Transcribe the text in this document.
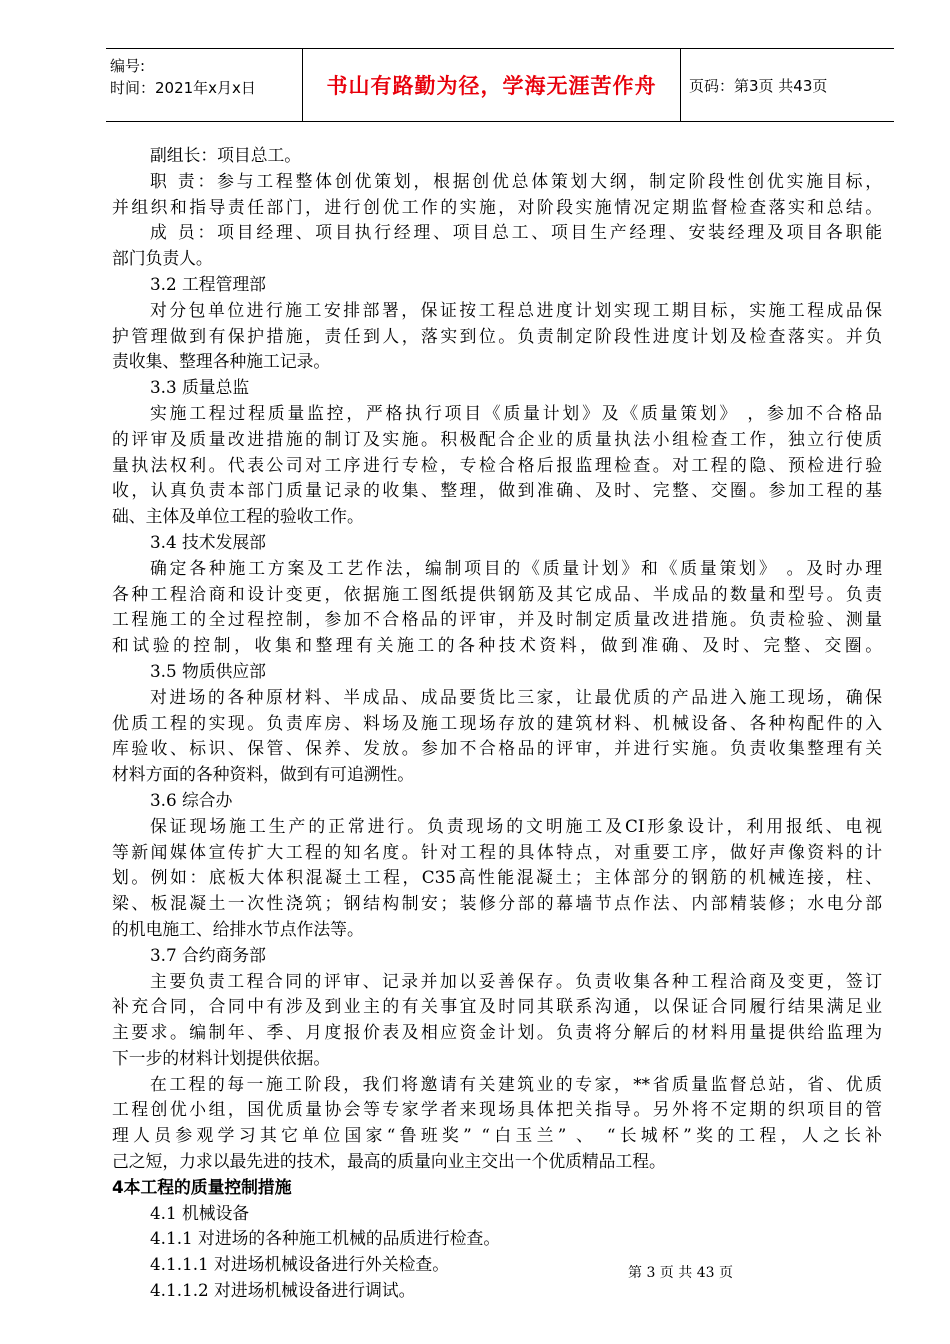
编号:
时间：2021年x月x日	书山有路勤为径，学海无涯苦作舟 页码：第3页 共43页

副组长：项目总工。

职 责：参与工程整体创优策划，根据创优总体策划大纲，制定阶段性创优实施目标，

并组织和指导责任部门，进行创优工作的实施，对阶段实施情况定期监督检查落实和总结。

成 员：项目经理、项目执行经理、项目总工、项目生产经理、安装经理及项目各职能

部门负责人。

3.2 工程管理部

对分包单位进行施工安排部署，保证按工程总进度计划实现工期目标，实施工程成品保

护管理做到有保护措施，责任到人，落实到位。负责制定阶段性进度计划及检查落实。并负

责收集、整理各种施工记录。

3.3 质量总监

实施工程过程质量监控，严格执行项目《质量计划》及《质量策划》 ，参加不合格品

的评审及质量改进措施的制订及实施。积极配合企业的质量执法小组检查工作，独立行使质

量执法权利。代表公司对工序进行专检，专检合格后报监理检查。对工程的隐、预检进行验

收，认真负责本部门质量记录的收集、整理，做到准确、及时、完整、交圈。参加工程的基

础、主体及单位工程的验收工作。

3.4 技术发展部

确定各种施工方案及工艺作法，编制项目的《质量计划》和《质量策划》 。及时办理

各种工程洽商和设计变更，依据施工图纸提供钢筋及其它成品、半成品的数量和型号。负责

工程施工的全过程控制，参加不合格品的评审，并及时制定质量改进措施。负责检验、测量

和试验的控制，收集和整理有关施工的各种技术资料，做到准确、及时、完整、交圈。

3.5 物质供应部

对进场的各种原材料、半成品、成品要货比三家，让最优质的产品进入施工现场，确保

优质工程的实现。负责库房、料场及施工现场存放的建筑材料、机械设备、各种构配件的入

库验收、标识、保管、保养、发放。参加不合格品的评审，并进行实施。负责收集整理有关

材料方面的各种资料，做到有可追溯性。

3.6 综合办

保证现场施工生产的正常进行。负责现场的文明施工及CI形象设计，利用报纸、电视

等新闻媒体宣传扩大工程的知名度。针对工程的具体特点，对重要工序，做好声像资料的计

划。例如：底板大体积混凝土工程，C35高性能混凝土；主体部分的钢筋的机械连接，柱、

梁、板混凝土一次性浇筑；钢结构制安；装修分部的幕墙节点作法、内部精装修；水电分部

的机电施工、给排水节点作法等。

3.7 合约商务部

主要负责工程合同的评审、记录并加以妥善保存。负责收集各种工程洽商及变更，签订

补充合同，合同中有涉及到业主的有关事宜及时同其联系沟通，以保证合同履行结果满足业

主要求。编制年、季、月度报价表及相应资金计划。负责将分解后的材料用量提供给监理为

下一步的材料计划提供依据。

在工程的每一施工阶段，我们将邀请有关建筑业的专家，**省质量监督总站，省、优质

工程创优小组，国优质量协会等专家学者来现场具体把关指导。另外将不定期的织项目的管

理人员参观学习其它单位国家“鲁班奖” “白玉兰” 、 “长城杯”奖的工程，人之长补

己之短，力求以最先进的技术，最高的质量向业主交出一个优质精品工程。

4本工程的质量控制措施

4.1 机械设备

4.1.1 对进场的各种施工机械的品质进行检查。

4.1.1.1 对进场机械设备进行外关检查。

4.1.1.2 对进场机械设备进行调试。

第 3 页 共 43 页
